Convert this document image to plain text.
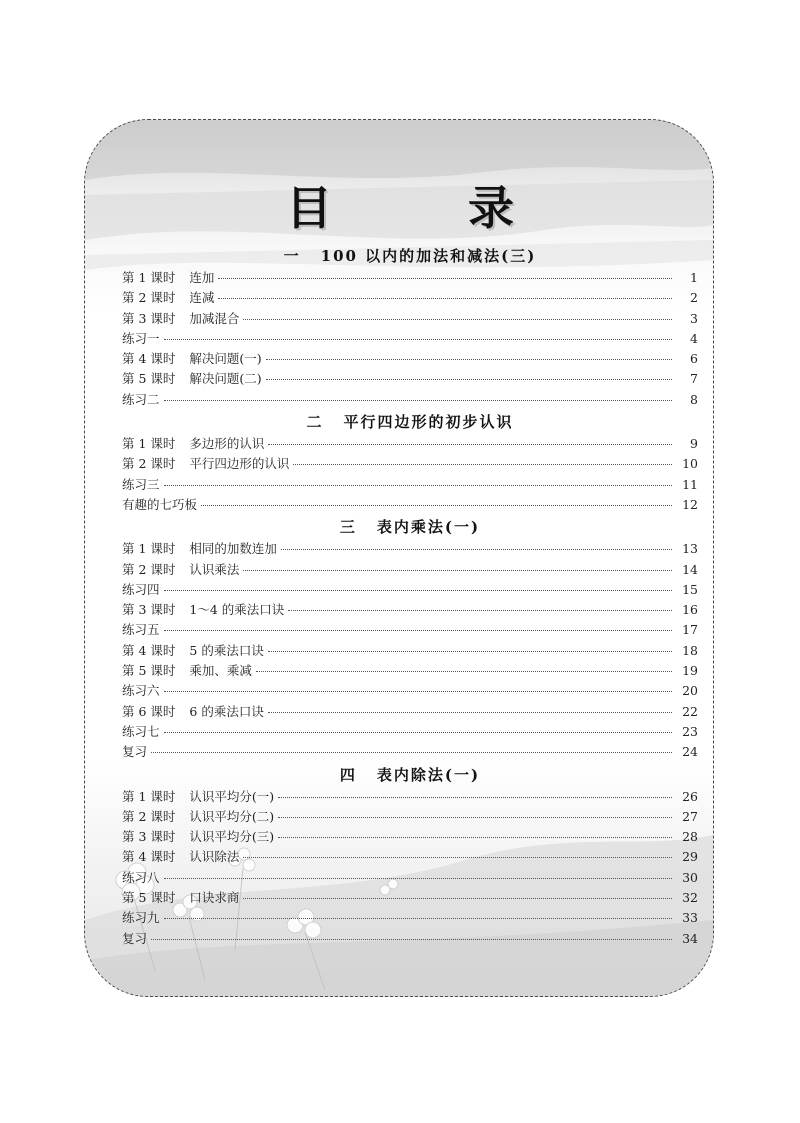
目 录
一 100 以内的加法和减法(三)
第 1 课时 连加	1
第 2 课时 连减	2
第 3 课时 加减混合	3
练习一	4
第 4 课时 解决问题(一)	6
第 5 课时 解决问题(二)	7
练习二	8
二 平行四边形的初步认识
第 1 课时 多边形的认识	9
第 2 课时 平行四边形的认识	10
练习三	11
有趣的七巧板	12
三 表内乘法(一)
第 1 课时 相同的加数连加	13
第 2 课时 认识乘法	14
练习四	15
第 3 课时 1～4 的乘法口诀	16
练习五	17
第 4 课时 5 的乘法口诀	18
第 5 课时 乘加、乘减	19
练习六	20
第 6 课时 6 的乘法口诀	22
练习七	23
复习	24
四 表内除法(一)
第 1 课时 认识平均分(一)	26
第 2 课时 认识平均分(二)	27
第 3 课时 认识平均分(三)	28
第 4 课时 认识除法	29
练习八	30
第 5 课时 口诀求商	32
练习九	33
复习	34
